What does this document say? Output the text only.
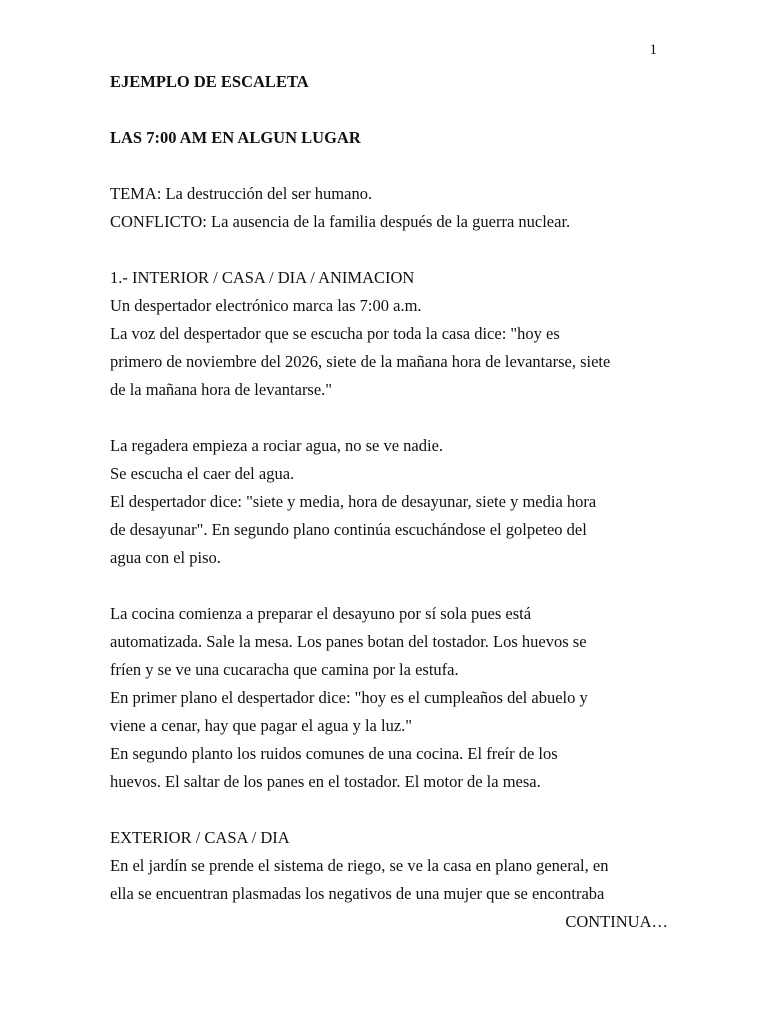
1
EJEMPLO DE ESCALETA
LAS 7:00 AM EN ALGUN LUGAR
TEMA: La destrucción del ser humano.
CONFLICTO: La ausencia de la familia después de la guerra nuclear.
1.- INTERIOR / CASA / DIA / ANIMACION
Un despertador electrónico marca las 7:00 a.m.
La voz del despertador que se escucha por toda la casa dice: "hoy es
primero de noviembre del 2026, siete de la mañana hora de levantarse, siete
de la mañana hora de levantarse."
La regadera empieza a rociar agua, no se ve nadie.
Se escucha el caer del agua.
El despertador dice: "siete y media, hora de desayunar, siete y media hora
de desayunar". En segundo plano continúa escuchándose el golpeteo del
agua con el piso.
La cocina comienza a preparar el desayuno por sí sola pues está
automatizada. Sale la mesa. Los panes botan del tostador. Los huevos se
fríen y se ve una cucaracha que camina por la estufa.
En primer plano el despertador dice: "hoy es el cumpleaños del abuelo y
viene a cenar, hay que pagar el agua y la luz."
En segundo planto los ruidos comunes de una cocina. El freír de los
huevos. El saltar de los panes en el tostador. El motor de la mesa.
EXTERIOR / CASA / DIA
En el jardín se prende el sistema de riego, se ve la casa en plano general, en
ella se encuentran plasmadas los negativos de una mujer que se encontraba
CONTINUA…
